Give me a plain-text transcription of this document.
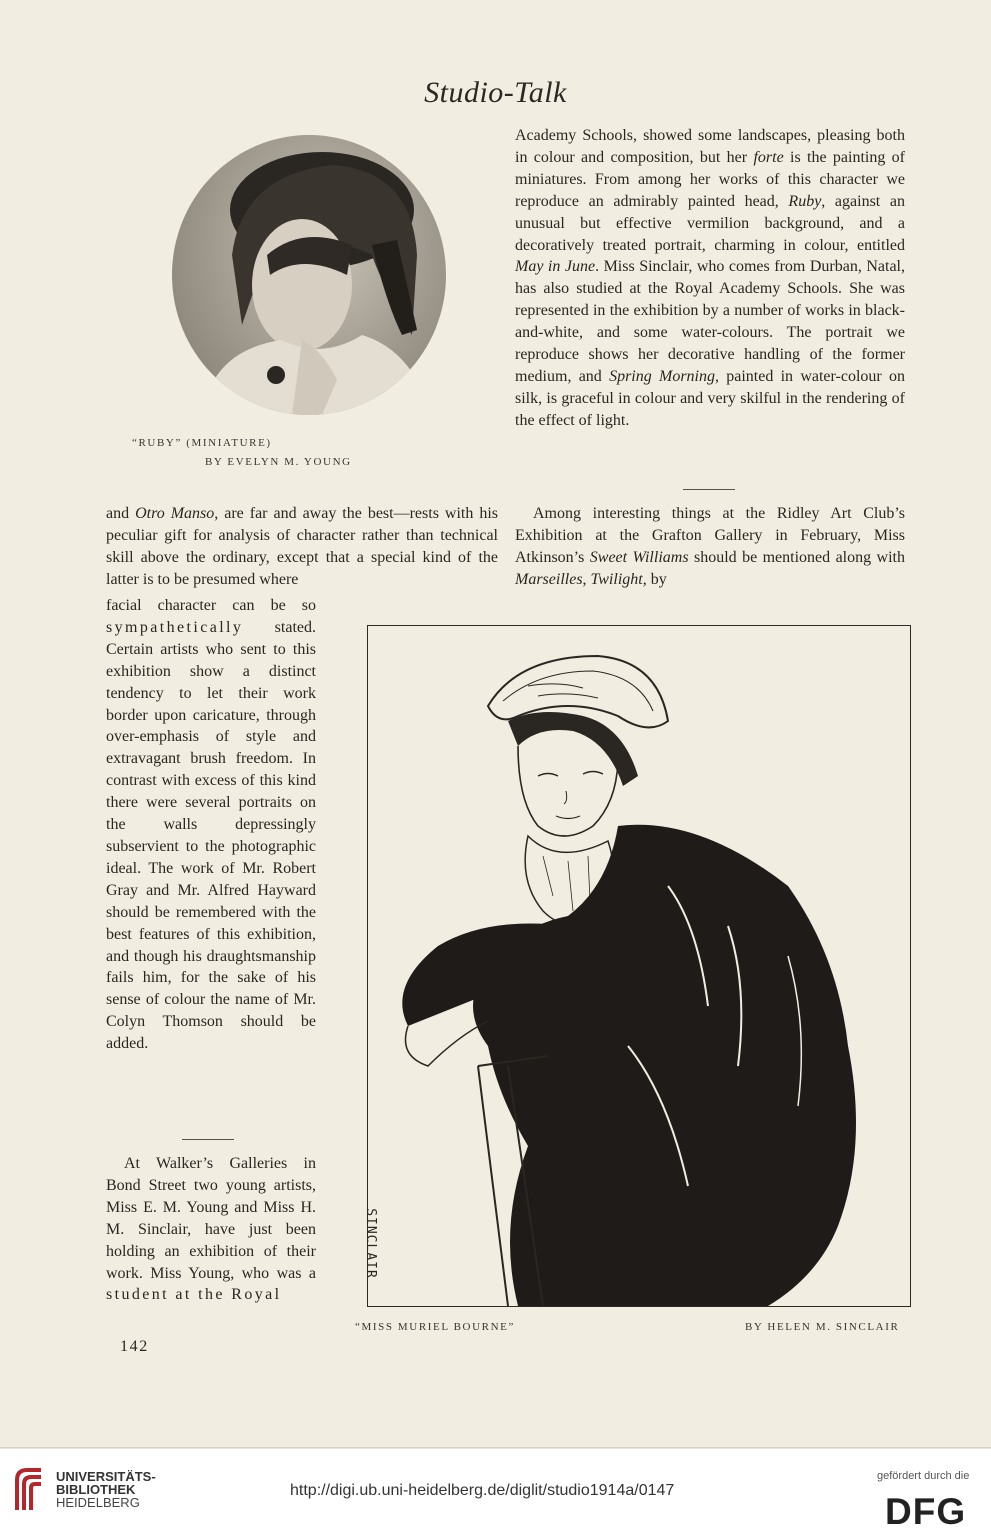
Studio-Talk
“RUBY” (MINIATURE)
BY EVELYN M. YOUNG

Academy Schools, showed some landscapes, pleasing both in colour and composition, but her forte is the painting of miniatures. From among her works of this character we reproduce an admirably painted head, Ruby, against an unusual but effective vermilion background, and a decoratively treated portrait, charming in colour, entitled May in June. Miss Sinclair, who comes from Durban, Natal, has also studied at the Royal Academy Schools. She was represented in the exhibition by a number of works in black-and-white, and some water-colours. The portrait we reproduce shows her decorative handling of the former medium, and Spring Morning, painted in water-colour on silk, is graceful in colour and very skilful in the rendering of the effect of light.

and Otro Manso, are far and away the best—rests with his peculiar gift for analysis of character rather than technical skill above the ordinary, except that a special kind of the latter is to be presumed where

Among interesting things at the Ridley Art Club’s Exhibition at the Grafton Gallery in February, Miss Atkinson’s Sweet Williams should be mentioned along with Marseilles, Twilight, by

facial character can be so sympathetically stated. Certain artists who sent to this exhibition show a distinct tendency to let their work border upon caricature, through over-emphasis of style and extravagant brush freedom. In contrast with excess of this kind there were several portraits on the walls depressingly subservient to the photographic ideal. The work of Mr. Robert Gray and Mr. Alfred Hayward should be remembered with the best features of this exhibition, and though his draughtsmanship fails him, for the sake of his sense of colour the name of Mr. Colyn Thomson should be added.

At Walker’s Galleries in Bond Street two young artists, Miss E. M. Young and Miss H. M. Sinclair, have just been holding an exhibition of their work. Miss Young, who was a student at the Royal

SINCLAIR
“MISS MURIEL BOURNE”	BY HELEN M. SINCLAIR
142
UNIVERSITÄTS-
BIBLIOTHEK
HEIDELBERG
http://digi.ub.uni-heidelberg.de/diglit/studio1914a/0147
gefördert durch die
DFG
